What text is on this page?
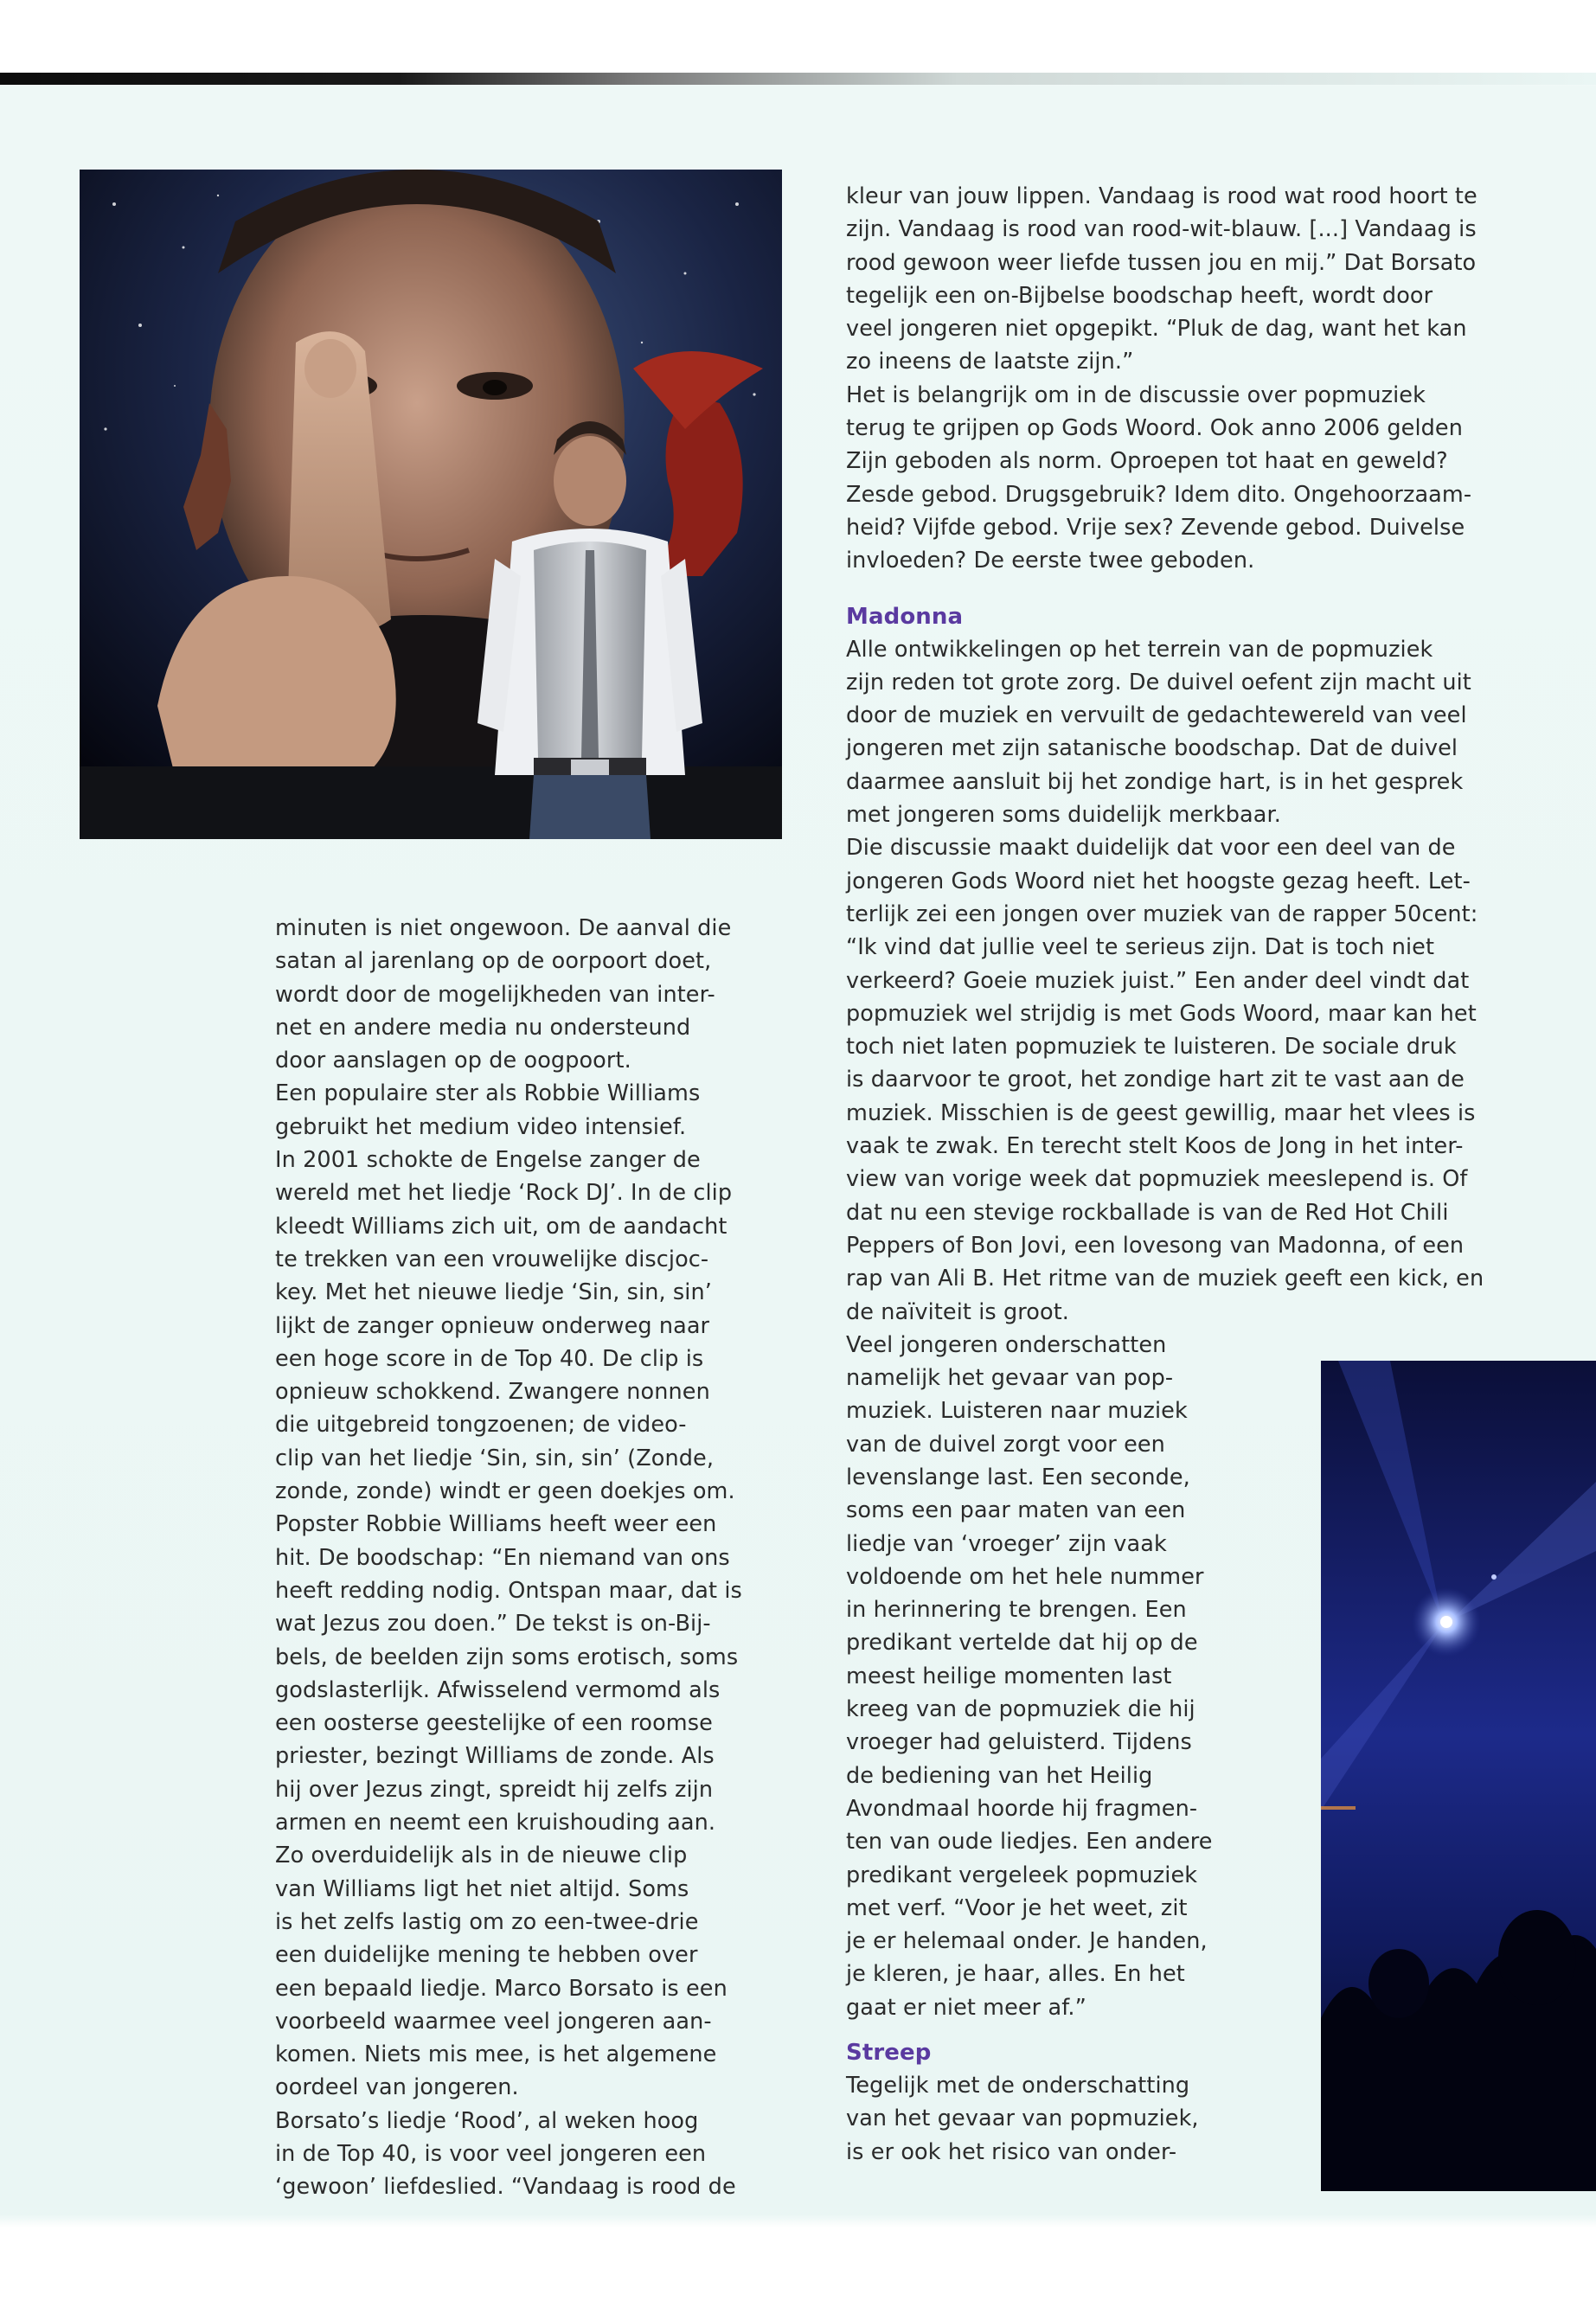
minuten is niet ongewoon. De aanval die

satan al jarenlang op de oorpoort doet,

wordt door de mogelijkheden van inter-

net en andere media nu ondersteund

door aanslagen op de oogpoort.

Een populaire ster als Robbie Williams

gebruikt het medium video intensief.

In 2001 schokte de Engelse zanger de

wereld met het liedje ‘Rock DJ’. In de clip

kleedt Williams zich uit, om de aandacht

te trekken van een vrouwelijke discjoc-

key. Met het nieuwe liedje ‘Sin, sin, sin’

lijkt de zanger opnieuw onderweg naar

een hoge score in de Top 40. De clip is

opnieuw schokkend. Zwangere nonnen

die uitgebreid tongzoenen; de video-

clip van het liedje ‘Sin, sin, sin’ (Zonde,

zonde, zonde) windt er geen doekjes om.

Popster Robbie Williams heeft weer een

hit. De boodschap: “En niemand van ons

heeft redding nodig. Ontspan maar, dat is

wat Jezus zou doen.” De tekst is on-Bij-

bels, de beelden zijn soms erotisch, soms

godslasterlijk. Afwisselend vermomd als

een oosterse geestelijke of een roomse

priester, bezingt Williams de zonde. Als

hij over Jezus zingt, spreidt hij zelfs zijn

armen en neemt een kruishouding aan.

Zo overduidelijk als in de nieuwe clip

van Williams ligt het niet altijd. Soms

is het zelfs lastig om zo een-twee-drie

een duidelijke mening te hebben over

een bepaald liedje. Marco Borsato is een

voorbeeld waarmee veel jongeren aan-

komen. Niets mis mee, is het algemene

oordeel van jongeren.

Borsato’s liedje ‘Rood’, al weken hoog

in de Top 40, is voor veel jongeren een

‘gewoon’ liefdeslied. “Vandaag is rood de

kleur van jouw lippen. Vandaag is rood wat rood hoort te

zijn. Vandaag is rood van rood-wit-blauw. [...] Vandaag is

rood gewoon weer liefde tussen jou en mij.” Dat Borsato

tegelijk een on-Bijbelse boodschap heeft, wordt door

veel jongeren niet opgepikt. “Pluk de dag, want het kan

zo ineens de laatste zijn.”

Het is belangrijk om in de discussie over popmuziek

terug te grijpen op Gods Woord. Ook anno 2006 gelden

Zijn geboden als norm. Oproepen tot haat en geweld?

Zesde gebod. Drugsgebruik? Idem dito. Ongehoorzaam-

heid? Vijfde gebod. Vrije sex? Zevende gebod. Duivelse

invloeden? De eerste twee geboden.

Madonna

Alle ontwikkelingen op het terrein van de popmuziek

zijn reden tot grote zorg. De duivel oefent zijn macht uit

door de muziek en vervuilt de gedachtewereld van veel

jongeren met zijn satanische boodschap. Dat de duivel

daarmee aansluit bij het zondige hart, is in het gesprek

met jongeren soms duidelijk merkbaar.

Die discussie maakt duidelijk dat voor een deel van de

jongeren Gods Woord niet het hoogste gezag heeft. Let-

terlijk zei een jongen over muziek van de rapper 50cent:

“Ik vind dat jullie veel te serieus zijn. Dat is toch niet

verkeerd? Goeie muziek juist.” Een ander deel vindt dat

popmuziek wel strijdig is met Gods Woord, maar kan het

toch niet laten popmuziek te luisteren. De sociale druk

is daarvoor te groot, het zondige hart zit te vast aan de

muziek. Misschien is de geest gewillig, maar het vlees is

vaak te zwak. En terecht stelt Koos de Jong in het inter-

view van vorige week dat popmuziek meeslepend is. Of

dat nu een stevige rockballade is van de Red Hot Chili

Peppers of Bon Jovi, een lovesong van Madonna, of een

rap van Ali B. Het ritme van de muziek geeft een kick, en

de naïviteit is groot.

Veel jongeren onderschatten

namelijk het gevaar van pop-

muziek. Luisteren naar muziek

van de duivel zorgt voor een

levenslange last. Een seconde,

soms een paar maten van een

liedje van ‘vroeger’ zijn vaak

voldoende om het hele nummer

in herinnering te brengen. Een

predikant vertelde dat hij op de

meest heilige momenten last

kreeg van de popmuziek die hij

vroeger had geluisterd. Tijdens

de bediening van het Heilig

Avondmaal hoorde hij fragmen-

ten van oude liedjes. Een andere

predikant vergeleek popmuziek

met verf. “Voor je het weet, zit

je er helemaal onder. Je handen,

je kleren, je haar, alles. En het

gaat er niet meer af.”

Streep

Tegelijk met de onderschatting

van het gevaar van popmuziek,

is er ook het risico van onder-
